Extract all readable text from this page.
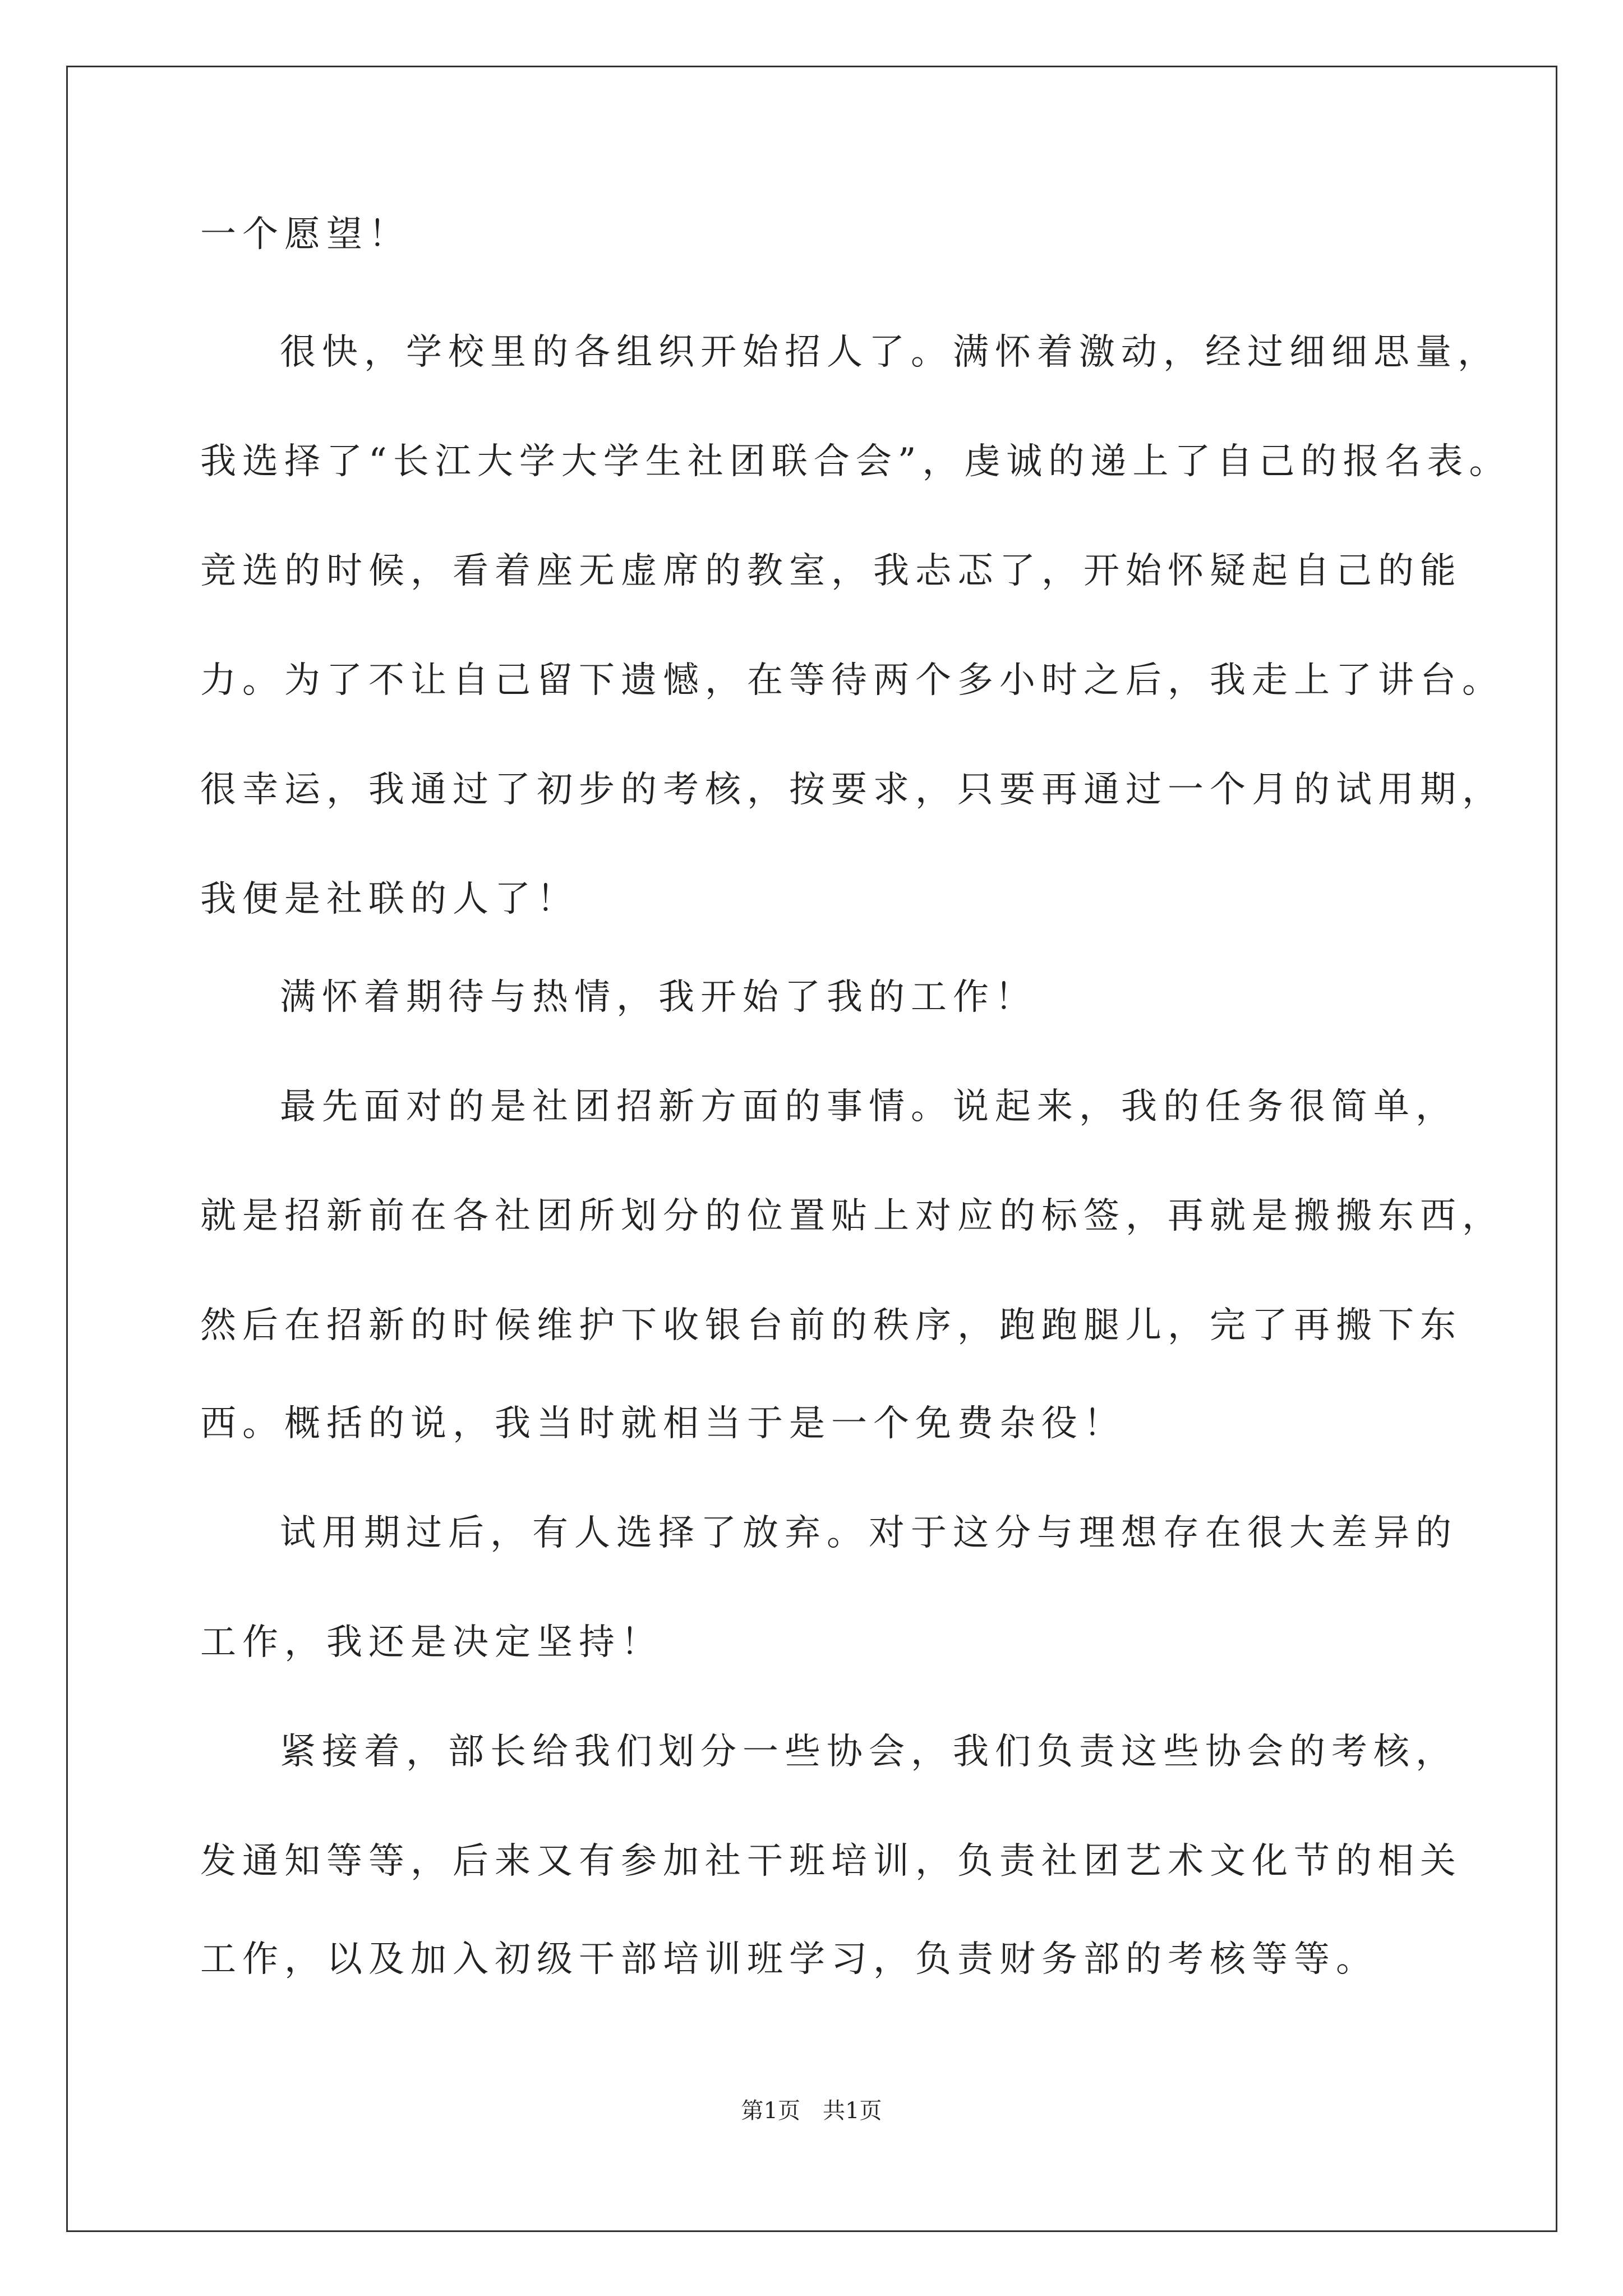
一个愿望！
很快，学校里的各组织开始招人了。满怀着激动，经过细细思量，
我选择了“长江大学大学生社团联合会”，虔诚的递上了自己的报名表。
竞选的时候，看着座无虚席的教室，我忐忑了，开始怀疑起自己的能
力。为了不让自己留下遗憾，在等待两个多小时之后，我走上了讲台。
很幸运，我通过了初步的考核，按要求，只要再通过一个月的试用期，
我便是社联的人了！
满怀着期待与热情，我开始了我的工作！
最先面对的是社团招新方面的事情。说起来，我的任务很简单，
就是招新前在各社团所划分的位置贴上对应的标签，再就是搬搬东西，
然后在招新的时候维护下收银台前的秩序，跑跑腿儿，完了再搬下东
西。概括的说，我当时就相当于是一个免费杂役！
试用期过后，有人选择了放弃。对于这分与理想存在很大差异的
工作，我还是决定坚持！
紧接着，部长给我们划分一些协会，我们负责这些协会的考核，
发通知等等，后来又有参加社干班培训，负责社团艺术文化节的相关
工作，以及加入初级干部培训班学习，负责财务部的考核等等。
第1页　共1页
